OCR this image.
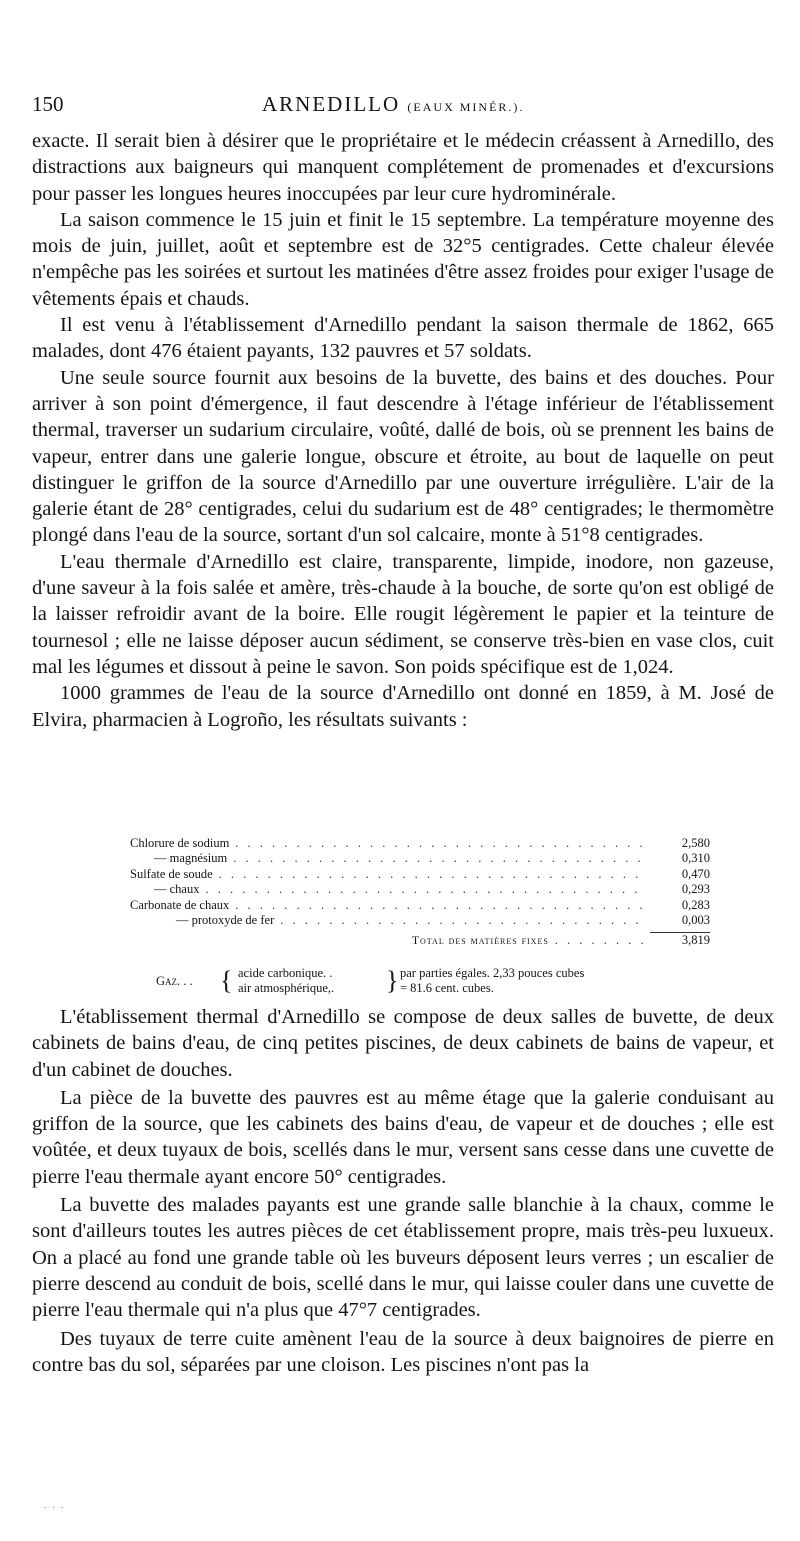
150	ARNEDILLO (EAUX MINÉR.).

exacte. Il serait bien à désirer que le propriétaire et le médecin créassent à Arnedillo, des distractions aux baigneurs qui manquent complétement de promenades et d'excursions pour passer les longues heures inoccupées par leur cure hydrominérale.

La saison commence le 15 juin et finit le 15 septembre. La température moyenne des mois de juin, juillet, août et septembre est de 32°5 centigrades. Cette chaleur élevée n'empêche pas les soirées et surtout les matinées d'être assez froides pour exiger l'usage de vêtements épais et chauds.

Il est venu à l'établissement d'Arnedillo pendant la saison thermale de 1862, 665 malades, dont 476 étaient payants, 132 pauvres et 57 soldats.

Une seule source fournit aux besoins de la buvette, des bains et des douches. Pour arriver à son point d'émergence, il faut descendre à l'étage inférieur de l'établissement thermal, traverser un sudarium circulaire, voûté, dallé de bois, où se prennent les bains de vapeur, entrer dans une galerie longue, obscure et étroite, au bout de laquelle on peut distinguer le griffon de la source d'Arnedillo par une ouverture irrégulière. L'air de la galerie étant de 28° centigrades, celui du sudarium est de 48° centigrades; le thermomètre plongé dans l'eau de la source, sortant d'un sol calcaire, monte à 51°8 centigrades.

L'eau thermale d'Arnedillo est claire, transparente, limpide, inodore, non gazeuse, d'une saveur à la fois salée et amère, très-chaude à la bouche, de sorte qu'on est obligé de la laisser refroidir avant de la boire. Elle rougit légèrement le papier et la teinture de tournesol ; elle ne laisse déposer aucun sédiment, se conserve très-bien en vase clos, cuit mal les légumes et dissout à peine le savon. Son poids spécifique est de 1,024.

1000 grammes de l'eau de la source d'Arnedillo ont donné en 1859, à M. José de Elvira, pharmacien à Logroño, les résultats suivants :

Chlorure de sodium . . .	2,580
— magnésium . . .	0,310
Sulfate de soude . . .	0,470
— chaux . . .	0,293
Carbonate de chaux . . .	0,283
— protoxyde de fer . . .	0,003
Total des matières fixes . . .	3,819
Gaz. . . { acide carbonique. .
air atmosphérique,. } par parties égales. 2,33 pouces cubes
= 81.6 cent. cubes.

L'établissement thermal d'Arnedillo se compose de deux salles de buvette, de deux cabinets de bains d'eau, de cinq petites piscines, de deux cabinets de bains de vapeur, et d'un cabinet de douches.

La pièce de la buvette des pauvres est au même étage que la galerie conduisant au griffon de la source, que les cabinets des bains d'eau, de vapeur et de douches ; elle est voûtée, et deux tuyaux de bois, scellés dans le mur, versent sans cesse dans une cuvette de pierre l'eau thermale ayant encore 50° centigrades.

La buvette des malades payants est une grande salle blanchie à la chaux, comme le sont d'ailleurs toutes les autres pièces de cet établissement propre, mais très-peu luxueux. On a placé au fond une grande table où les buveurs déposent leurs verres ; un escalier de pierre descend au conduit de bois, scellé dans le mur, qui laisse couler dans une cuvette de pierre l'eau thermale qui n'a plus que 47°7 centigrades.

Des tuyaux de terre cuite amènent l'eau de la source à deux baignoires de pierre en contre bas du sol, séparées par une cloison. Les piscines n'ont pas la

. . .
